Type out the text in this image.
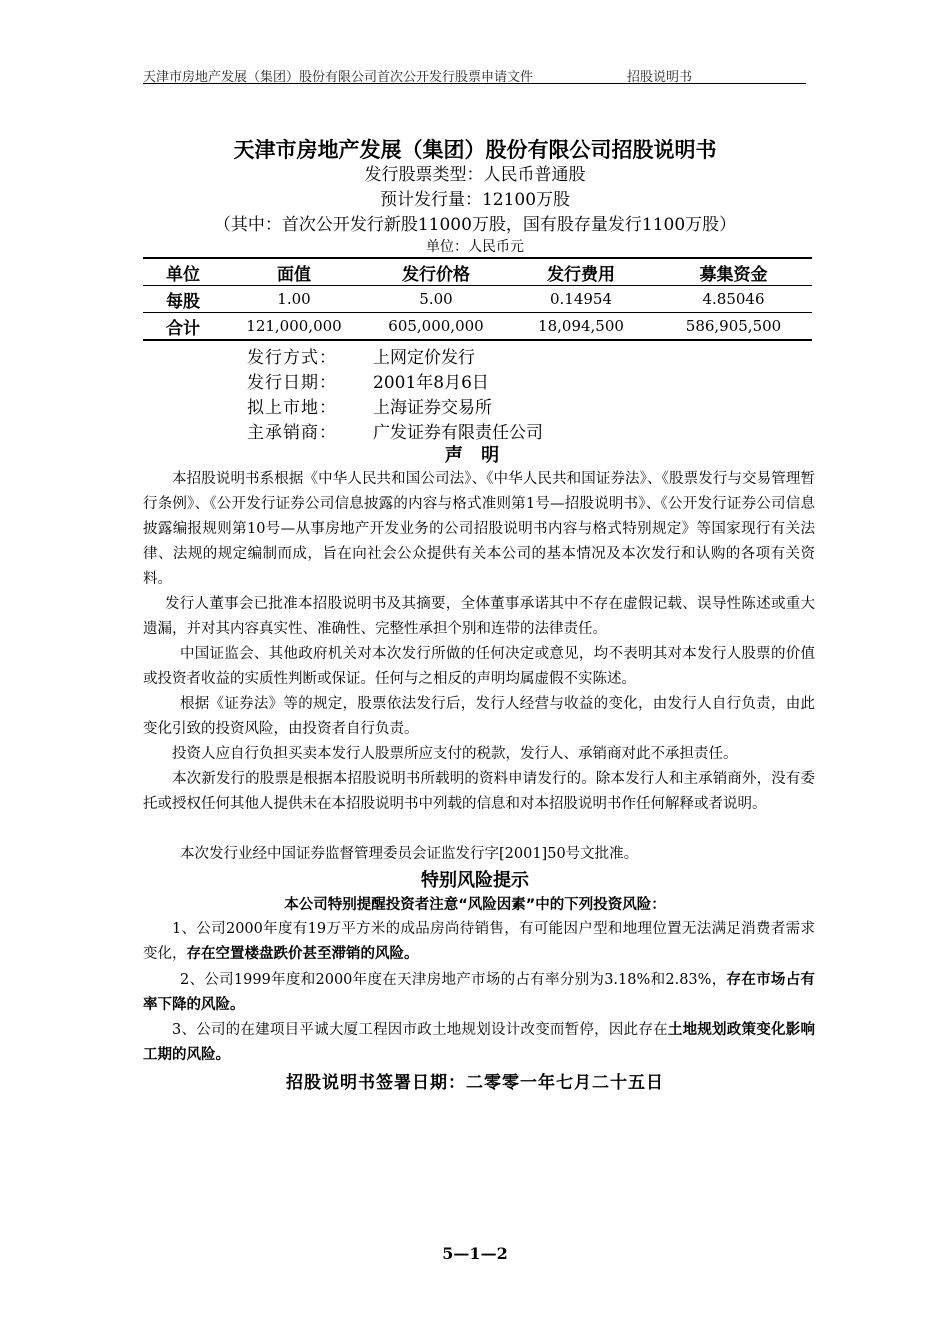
天津市房地产发展（集团）股份有限公司首次公开发行股票申请文件	招股说明书
天津市房地产发展（集团）股份有限公司招股说明书
发行股票类型：人民币普通股
预计发行量：12100万股
（其中：首次公开发行新股11000万股，国有股存量发行1100万股）
单位：人民币元
单位	面值	发行价格	发行费用	募集资金
每股	1.00	5.00	0.14954	4.85046
合计	121,000,000	605,000,000	18,094,500	586,905,500
发行方式： 上网定价发行
发行日期： 2001年8月6日
拟上市地： 上海证券交易所
主承销商： 广发证券有限责任公司
声 明
本招股说明书系根据《中华人民共和国公司法》、《中华人民共和国证券法》、《股票发行与交易管理暂行条例》、《公开发行证券公司信息披露的内容与格式准则第1号—招股说明书》、《公开发行证券公司信息披露编报规则第10号—从事房地产开发业务的公司招股说明书内容与格式特别规定》等国家现行有关法律、法规的规定编制而成，旨在向社会公众提供有关本公司的基本情况及本次发行和认购的各项有关资料。
发行人董事会已批准本招股说明书及其摘要，全体董事承诺其中不存在虚假记载、误导性陈述或重大遗漏，并对其内容真实性、准确性、完整性承担个别和连带的法律责任。
中国证监会、其他政府机关对本次发行所做的任何决定或意见，均不表明其对本发行人股票的价值或投资者收益的实质性判断或保证。任何与之相反的声明均属虚假不实陈述。
根据《证券法》等的规定，股票依法发行后，发行人经营与收益的变化，由发行人自行负责，由此变化引致的投资风险，由投资者自行负责。
投资人应自行负担买卖本发行人股票所应支付的税款，发行人、承销商对此不承担责任。
本次新发行的股票是根据本招股说明书所载明的资料申请发行的。除本发行人和主承销商外，没有委托或授权任何其他人提供未在本招股说明书中列载的信息和对本招股说明书作任何解释或者说明。
本次发行业经中国证券监督管理委员会证监发行字[2001]50号文批准。
特别风险提示
本公司特别提醒投资者注意“风险因素”中的下列投资风险：
1、公司2000年度有19万平方米的成品房尚待销售，有可能因户型和地理位置无法满足消费者需求变化，存在空置楼盘跌价甚至滞销的风险。
2、公司1999年度和2000年度在天津房地产市场的占有率分别为3.18%和2.83%，存在市场占有率下降的风险。
3、公司的在建项目平诚大厦工程因市政土地规划设计改变而暂停，因此存在土地规划政策变化影响工期的风险。
招股说明书签署日期：二零零一年七月二十五日
5—1—2
